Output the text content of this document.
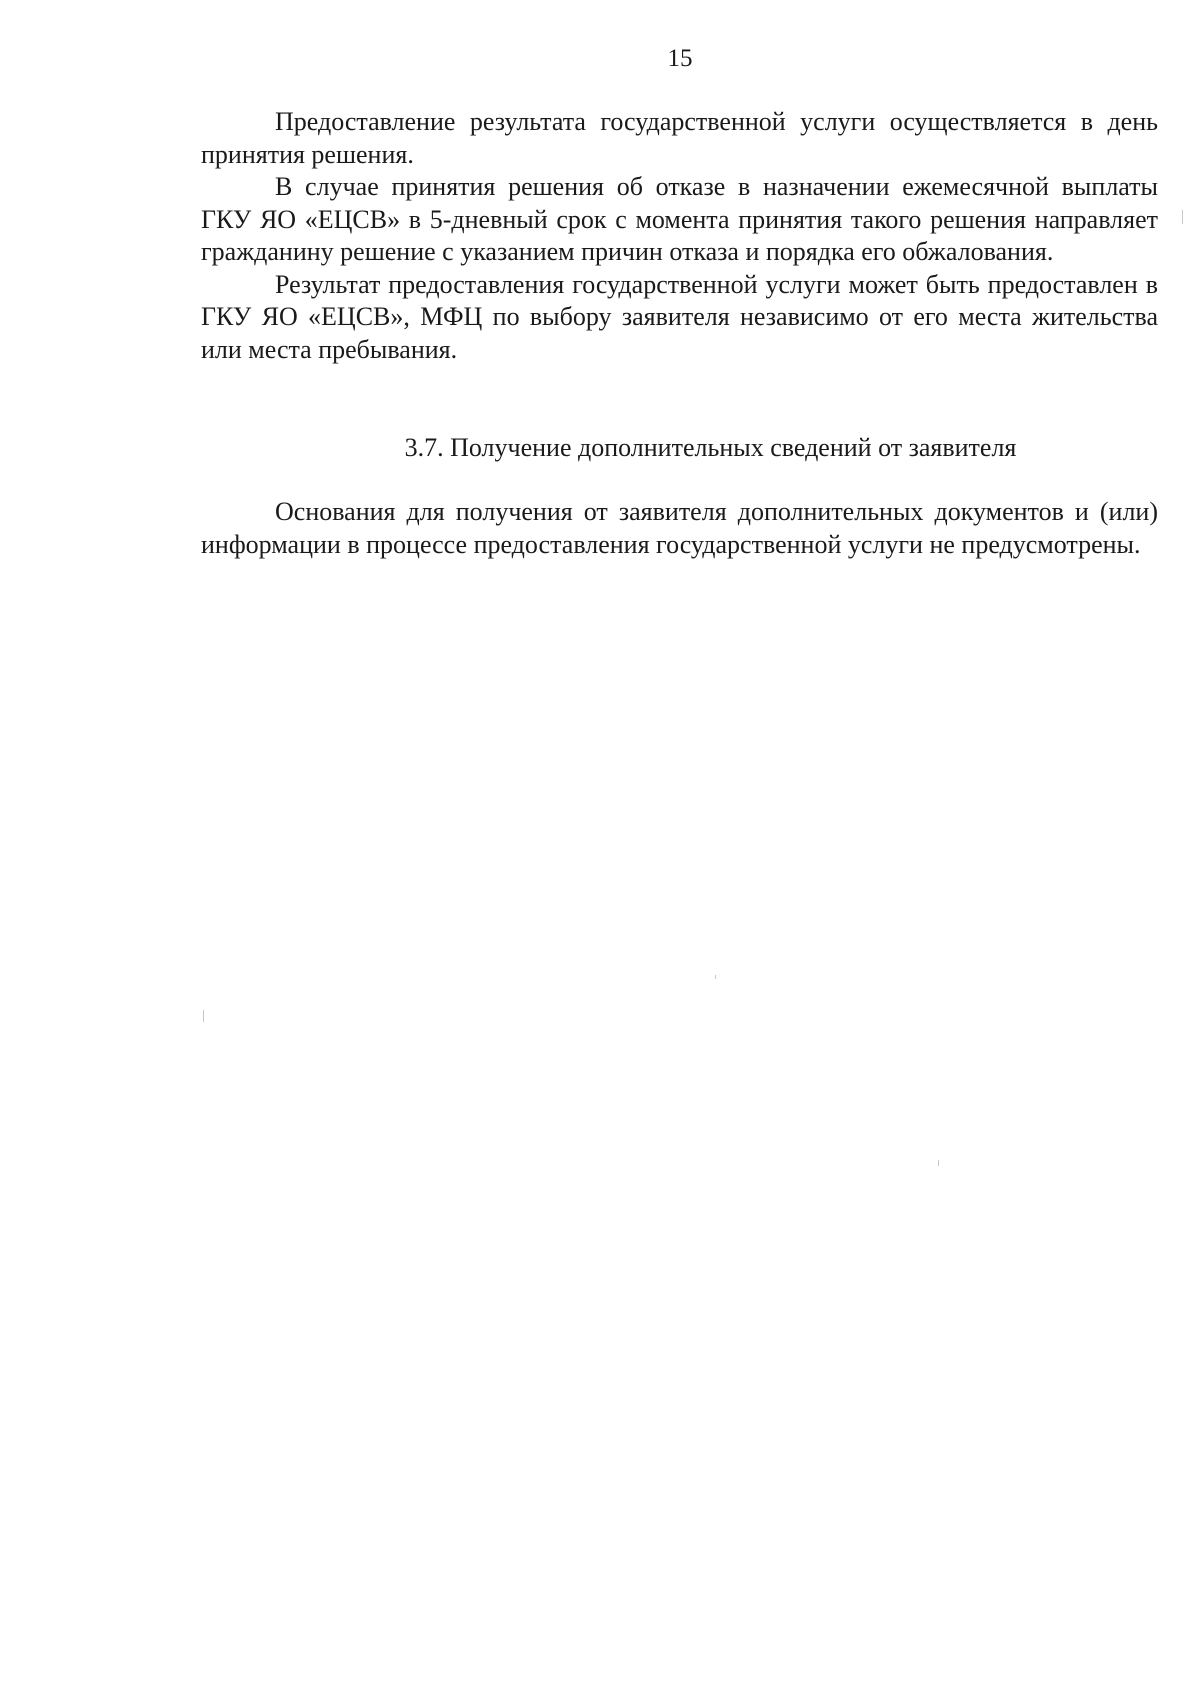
15

Предоставление результата государственной услуги осуществляется в день принятия решения.

В случае принятия решения об отказе в назначении ежемесячной выплаты ГКУ ЯО «ЕЦСВ» в 5-дневный срок с момента принятия такого решения направляет гражданину решение с указанием причин отказа и порядка его обжалования.

Результат предоставления государственной услуги может быть предоставлен в ГКУ ЯО «ЕЦСВ», МФЦ по выбору заявителя независимо от его места жительства или места пребывания.

3.7. Получение дополнительных сведений от заявителя

Основания для получения от заявителя дополнительных документов и (или) информации в процессе предоставления государственной услуги не предусмотрены.
